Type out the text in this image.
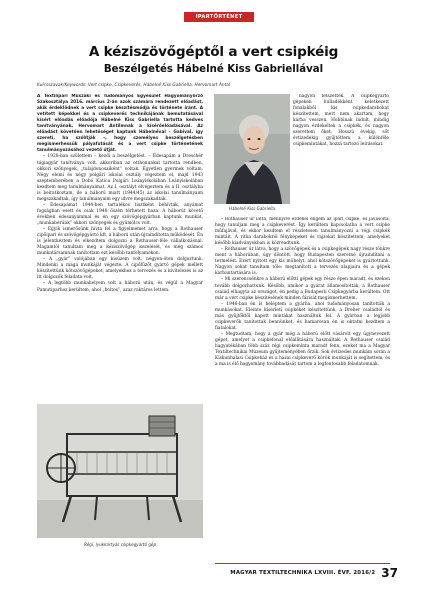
IPARTÖRTÉNET
A kéziszövőgéptől a vert csipkéig
Beszélgetés Hábelné Kiss Gabriellával
Kulcsszavak/Keywords: Vert csipke, Csipkeverés, Hábelné Kiss Gabriella, Hervomart Antal

A Textilipari Műszaki és Tudományos Egyesület Hagyományőrző Szakosztálya 2016. március 2-án azok számára rendezett előadást, akik érdeklődnek a vert csipke készítésmódja és története iránt. A vetített képekkel és a csipkeverés technikájának bemutatásával kísért előadás előadója Hábelné Kiss Gabriella tartotta kedves tanítványának, Hervomart Antilmnak a kísérőelőadásával. Az előadást követően lehetőséget kaptunk Hábelnéval – Gabival, így szereti, ha szólítják –, hogy személyes beszélgetésben megismerhessük pályafutását és a vert csipke történetének tanulmányozásához vezető útját.

– 1928-ban születtem – kezdi a beszélgetést. – Édesapám a Dreschér tágiagyár tanítványa volt, akkoriban az otthonunkat tartotta rendben, okkori szőnyegek, „tulajdonosaiként” voltak. Egyetlen gyermek voltam. Négy elemi és négy polgári iskolai osztály végeztem el, majd 1943 szeptemberében a Dobó Katica Polgári Leányiskolában Leányiskolában kezdtem meg tanulmányaimat. Az I. osztályt elvégeztem és a II. osztályba is beiratkoztam, de a háború miatt (1944/45) az iskolai tanulmányaim megszakadtak, így tanulmányaim egy idvre megszakadtak.

– Édesapámat 1944-ben tartalékos tisztként behívták, anyámat fogságban esett és csak 1948 őszén térhetett haza. A háborút követő években édesanyámmal és én egy szövőgépgyárban kaptunk munkát, „munkabérünk” okkori szőnyegek és gyümölcs volt.

– Egyik ismerősünk hívta fel a figyelmemet arra, hogy a Rothauser cipőipari és szövőgépgyártó kft. a háború után újraindította működését. Én is jelentkeztem és elkezdtem dolgozni a Rothauser-féle vállalkozásnál. Magamtól tanultam meg a kéziszövőgép kezelését, és még számos munkatársamnak tanítottam ezt később tanfolyamokon.

– A „gyár” valójában egy kisüzem volt, négyen-öten dolgoztunk. Mindenki a maga munkáját végezte. A cipőfűzőt gyártó gépek mellett készítettünk kötszövőgépeket, amelyekhez a tervezés és a kivitelezés is az itt dolgozók feladata volt.

– A legtöbb munkahelyem volt a háború után, és végül a Magyar Pamutiparhoz kerültem, ahol „boltos”, azaz raktáros lettem.

Hábelné Kiss Gabriella

nagyon tetszettek. A csipkegyártó gépeken hulladékként keletkezett fonalakból kis csipkedarabokat készítettem, mert nem akartam, hogy kárba vesszen. Hobbinak indult, mindig nagyon érdekeltek a csipkék, és nagyon szerettem őket. Hosszú évekig, sőt évtizedekig gyűjtöttem a különféle csipkemintákat, hozzá tartozó leírásokat.

– Rothauser úr látta, mennyire érdekel engem az ipari csipke, és javasolta, hogy tanuljam meg a csipkeverést. Így kerültem kapcsolatba a vert csipke műfajával, és ekkor kezdtem el részletesen tanulmányozni a régi csipkék mintáit. A ritka darabokról fényképeket és rajzokat készítettem, amelyeket később kiadványokban is közreadtunk.

– Rothauser úr látva, hogy a szövőgépek és a csipkegépek nagy része tönkre ment a háborúban, úgy döntött, hogy Budapesten szeretné újraindítani a termelést. Ezért nyitott egy kis műhelyt, ahol kötszövőgépeket is gyártottunk. Nagyon sokat tanultam tőle: megtanított a tervezés alapjaira és a gépek karbantartására is.

– Mi szerencsénkre a háború előtti gépek egy része épen maradt, és ezeken tovább dolgozhattunk. Később, amikor a gyárat államosították, a Rothauser család elhagyta az országot, én pedig a Budapesti Csipkegyárba kerültem. Ott már a vert csipke készítésének minden fázisát megismerhettem.

– 1946-ban én is beléptem a gyárba, ahol tudományosan tanították a munkásokat. Eleinte kísérleti csipkéket készítettünk, a Dreher családtól és más gyűjtőktől kapott mintákat használtuk fel. A gyárban a legjobb csipkeverők tanítottak bennünket, és hamarosan én is oktatni kezdtem a fiatalokat.

– Megtudtam, hogy a gyár még a háború előtt vásárolt egy úgynevezett gépet, amelyet a csipkefonal előállítására használtak. A Rothauser család hagyatékában több száz régi csipkeminta maradt fenn, ezeket ma a Magyar Textiltechnikai Múzeum gyűjteményében őrzik. Sok évtizedes munkám során a Kiskunhalasi Csipkeház és a hazai csipkeverő körök munkáját is segítettem, és a ma is élő hagyomány továbbadását tartom a legfontosabb feladatomnak.

Régi, lyukkártyás csipkegyártó gép
MAGYAR TEXTILTECHNIKA LXVIII. ÉVF. 2016/2 37
